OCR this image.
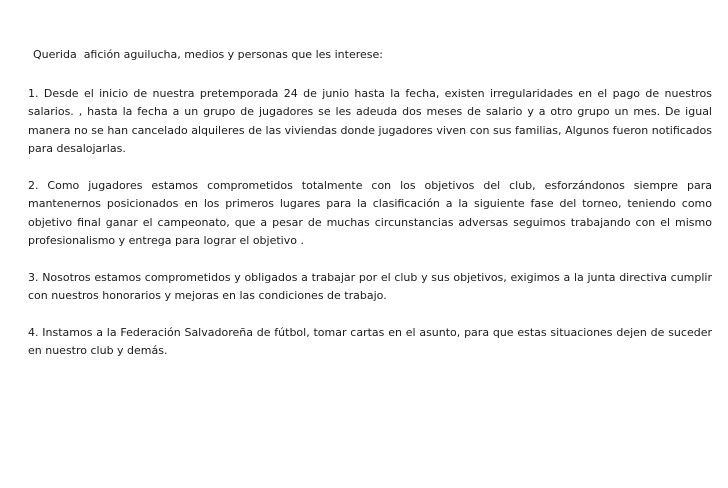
Querida  afición aguilucha, medios y personas que les interese:

1. Desde el inicio de nuestra pretemporada 24 de junio hasta la fecha, existen irregularidades en el pago de nuestros salarios. , hasta la fecha a un grupo de jugadores se les adeuda dos meses de salario y a otro grupo un mes. De igual manera no se han cancelado alquileres de las viviendas donde jugadores viven con sus familias, Algunos fueron notificados para desalojarlas.

2. Como jugadores estamos comprometidos totalmente con los objetivos del club, esforzándonos siempre para mantenernos posicionados en los primeros lugares para la clasificación a la siguiente fase del torneo, teniendo como objetivo final ganar el campeonato, que a pesar de muchas circunstancias adversas seguimos trabajando con el mismo profesionalismo y entrega para lograr el objetivo .

3. Nosotros estamos comprometidos y obligados a trabajar por el club y sus objetivos, exigimos a la junta directiva cumplir con nuestros honorarios y mejoras en las condiciones de trabajo.

4. Instamos a la Federación Salvadoreña de fútbol, tomar cartas en el asunto, para que estas situaciones dejen de suceder en nuestro club y demás.
